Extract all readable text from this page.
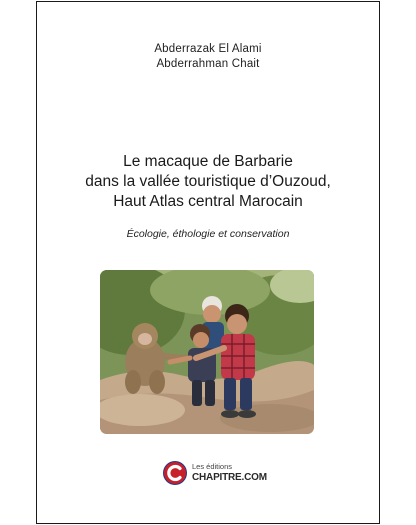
Abderrazak El Alami
Abderrahman Chait
Le macaque de Barbarie
dans la vallée touristique d’Ouzoud,
Haut Atlas central Marocain
Écologie, éthologie et conservation
Les éditions
CHAPITRE.COM
